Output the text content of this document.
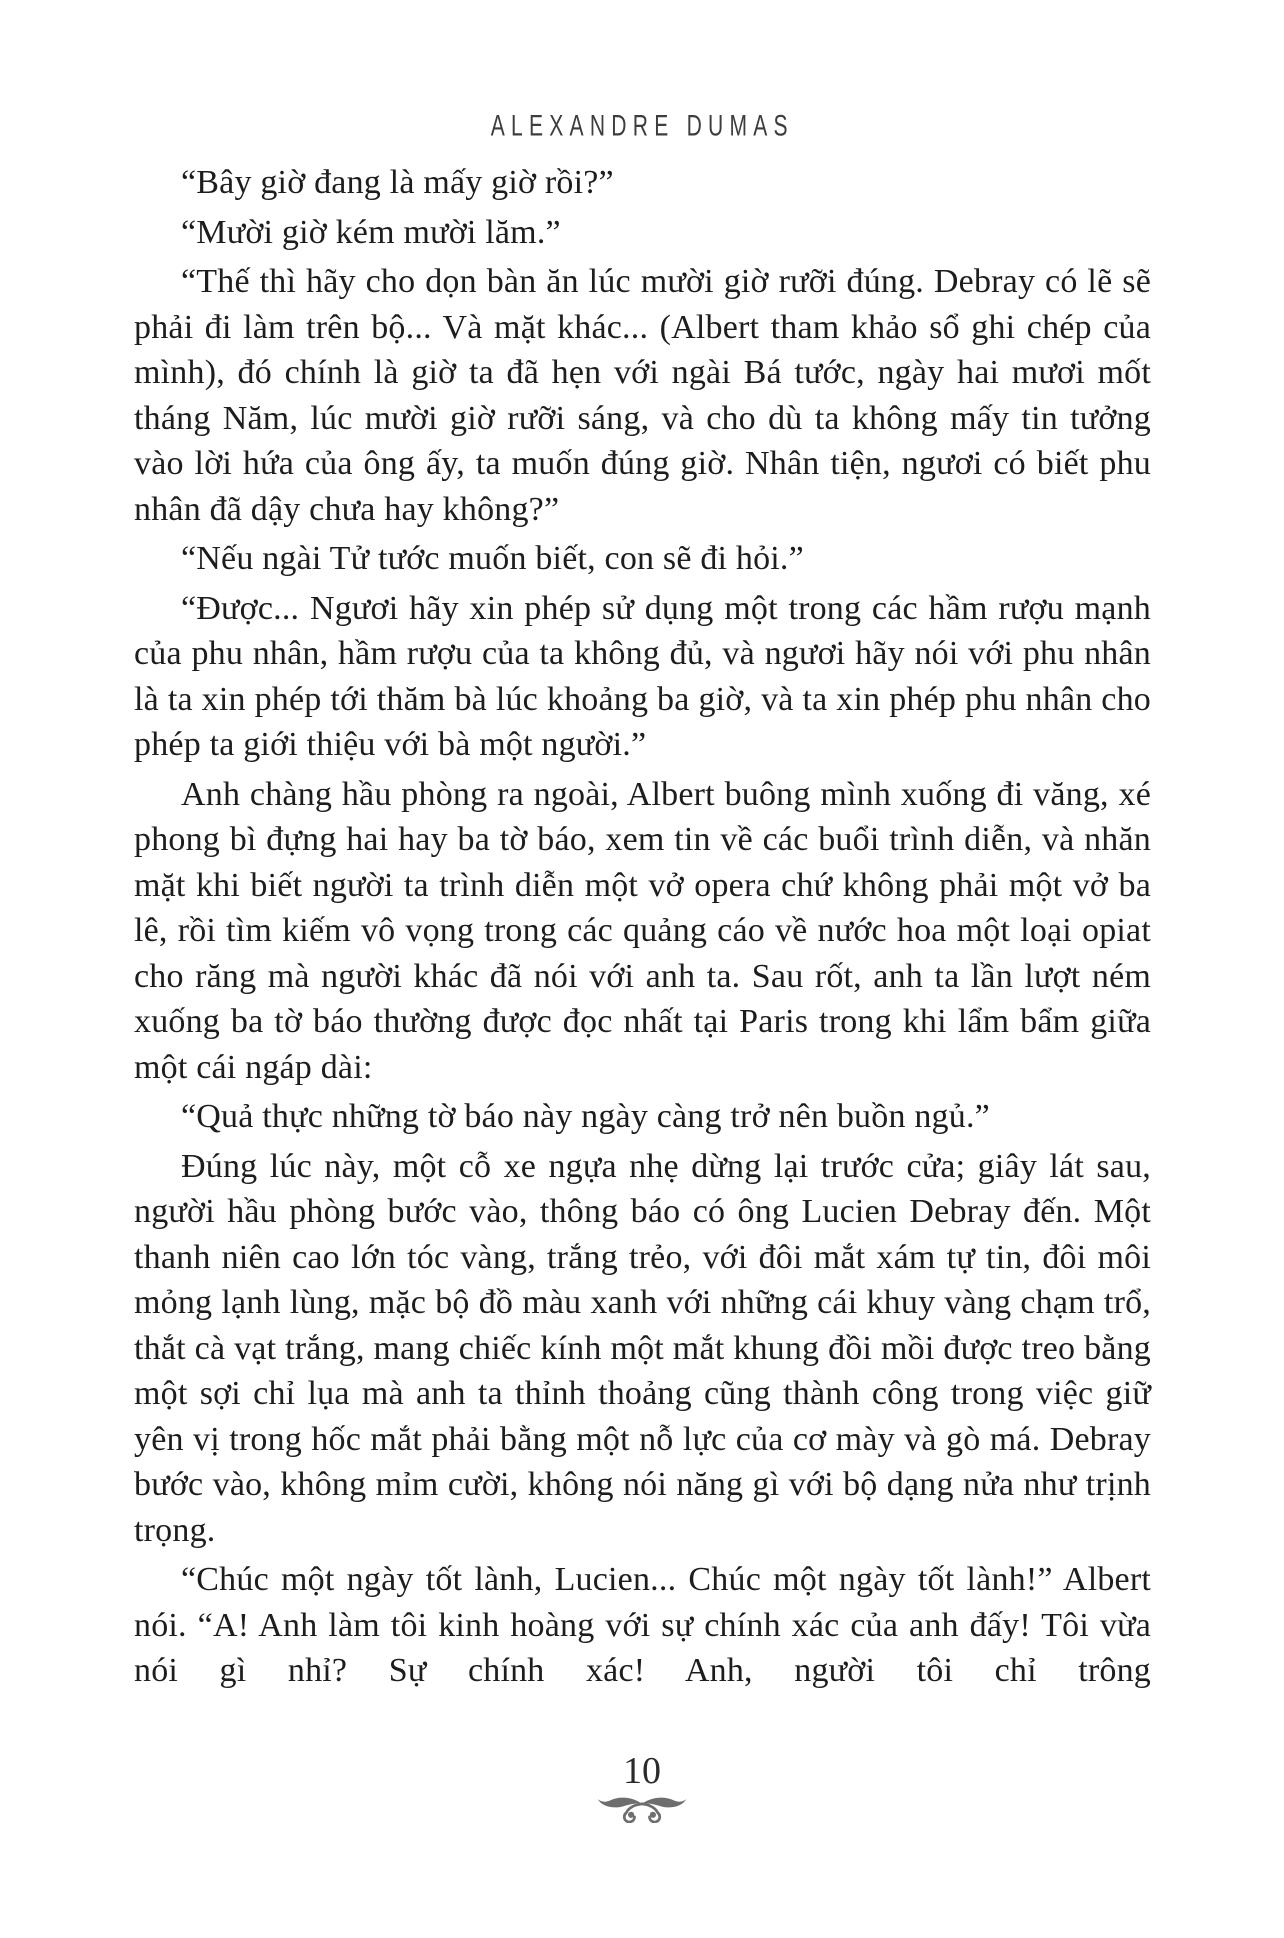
ALEXANDRE DUMAS

“Bây giờ đang là mấy giờ rồi?”

“Mười giờ kém mười lăm.”

“Thế thì hãy cho dọn bàn ăn lúc mười giờ rưỡi đúng. Debray có lẽ sẽ phải đi làm trên bộ... Và mặt khác... (Albert tham khảo sổ ghi chép của mình), đó chính là giờ ta đã hẹn với ngài Bá tước, ngày hai mươi mốt tháng Năm, lúc mười giờ rưỡi sáng, và cho dù ta không mấy tin tưởng vào lời hứa của ông ấy, ta muốn đúng giờ. Nhân tiện, ngươi có biết phu nhân đã dậy chưa hay không?”

“Nếu ngài Tử tước muốn biết, con sẽ đi hỏi.”

“Được... Ngươi hãy xin phép sử dụng một trong các hầm rượu mạnh của phu nhân, hầm rượu của ta không đủ, và ngươi hãy nói với phu nhân là ta xin phép tới thăm bà lúc khoảng ba giờ, và ta xin phép phu nhân cho phép ta giới thiệu với bà một người.”

Anh chàng hầu phòng ra ngoài, Albert buông mình xuống đi văng, xé phong bì đựng hai hay ba tờ báo, xem tin về các buổi trình diễn, và nhăn mặt khi biết người ta trình diễn một vở opera chứ không phải một vở ba lê, rồi tìm kiếm vô vọng trong các quảng cáo về nước hoa một loại opiat cho răng mà người khác đã nói với anh ta. Sau rốt, anh ta lần lượt ném xuống ba tờ báo thường được đọc nhất tại Paris trong khi lẩm bẩm giữa một cái ngáp dài:

“Quả thực những tờ báo này ngày càng trở nên buồn ngủ.”

Đúng lúc này, một cỗ xe ngựa nhẹ dừng lại trước cửa; giây lát sau, người hầu phòng bước vào, thông báo có ông Lucien Debray đến. Một thanh niên cao lớn tóc vàng, trắng trẻo, với đôi mắt xám tự tin, đôi môi mỏng lạnh lùng, mặc bộ đồ màu xanh với những cái khuy vàng chạm trổ, thắt cà vạt trắng, mang chiếc kính một mắt khung đồi mồi được treo bằng một sợi chỉ lụa mà anh ta thỉnh thoảng cũng thành công trong việc giữ yên vị trong hốc mắt phải bằng một nỗ lực của cơ mày và gò má. Debray bước vào, không mỉm cười, không nói năng gì với bộ dạng nửa như trịnh trọng.

“Chúc một ngày tốt lành, Lucien... Chúc một ngày tốt lành!” Albert nói. “A! Anh làm tôi kinh hoàng với sự chính xác của anh đấy! Tôi vừa nói gì nhỉ? Sự chính xác! Anh, người tôi chỉ trông

10
